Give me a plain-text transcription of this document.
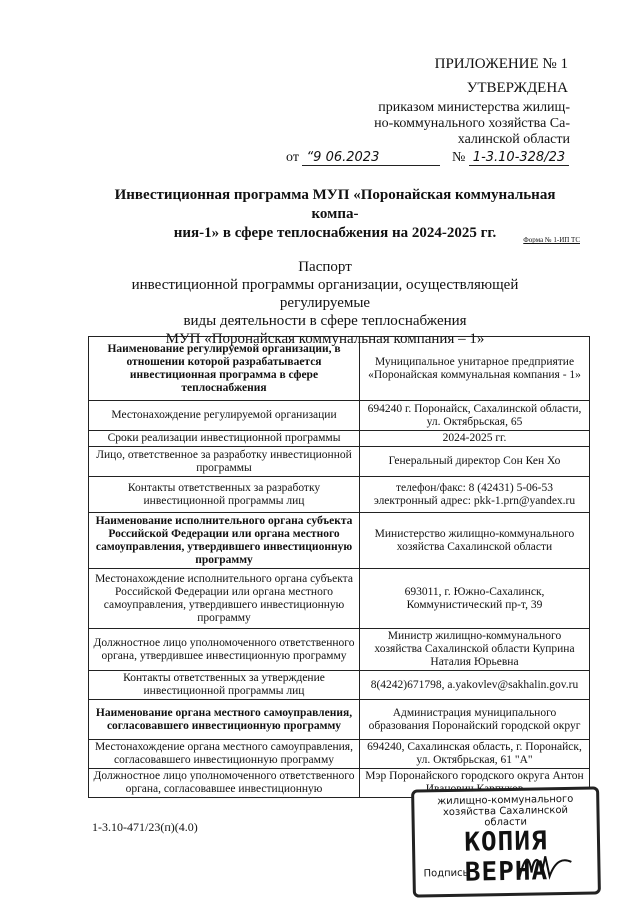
ПРИЛОЖЕНИЕ № 1
УТВЕРЖДЕНА
приказом министерства жилищ-
но-коммунального хозяйства Са-
халинской области
от “9 06.2023	№ 1-3.10-328/23
Инвестиционная программа МУП «Поронайская коммунальная компа-
ния-1» в сфере теплоснабжения на 2024-2025 гг.	Форма № 1-ИП ТС
Паспорт
инвестиционной программы организации, осуществляющей регулируемые
виды деятельности в сфере теплоснабжения
МУП «Поронайская коммунальная компания – 1»
Наименование регулируемой организации, в отношении которой разрабатывается инвестиционная программа в сфере теплоснабжения	Муниципальное унитарное предприятие «Поронайская коммунальная компания - 1»
Местонахождение регулируемой организации	694240 г. Поронайск, Сахалинской области, ул. Октябрьская, 65
Сроки реализации инвестиционной программы	2024-2025 гг.
Лицо, ответственное за разработку инвестиционной программы	Генеральный директор Сон Кен Хо
Контакты ответственных за разработку инвестиционной программы лиц	телефон/факс: 8 (42431) 5-06-53 электронный адрес: pkk-1.prn@yandex.ru
Наименование исполнительного органа субъекта Российской Федерации или органа местного самоуправления, утвердившего инвестиционную программу	Министерство жилищно-коммунального хозяйства Сахалинской области
Местонахождение исполнительного органа субъекта Российской Федерации или органа местного самоуправления, утвердившего инвестиционную программу	693011, г. Южно-Сахалинск, Коммунистический пр-т, 39
Должностное лицо уполномоченного ответственного органа, утвердившее инвестиционную программу	Министр жилищно-коммунального хозяйства Сахалинской области Куприна Наталия Юрьевна
Контакты ответственных за утверждение инвестиционной программы лиц	8(4242)671798, a.yakovlev@sakhalin.gov.ru
Наименование органа местного самоуправления, согласовавшего инвестиционную программу	Администрация муниципального образования Поронайский городской округ
Местонахождение органа местного самоуправления, согласовавшего инвестиционную программу	694240, Сахалинская область, г. Поронайск, ул. Октябрьская, 61 "А"
Должностное лицо уполномоченного ответственного органа, согласовавшее инвестиционную	Мэр Поронайского городского округа Антон
1-3.10-471/23(п)(4.0)
жилищно-коммунального
хозяйства Сахалинской области
КОПИЯ ВЕРНА
Подпись
